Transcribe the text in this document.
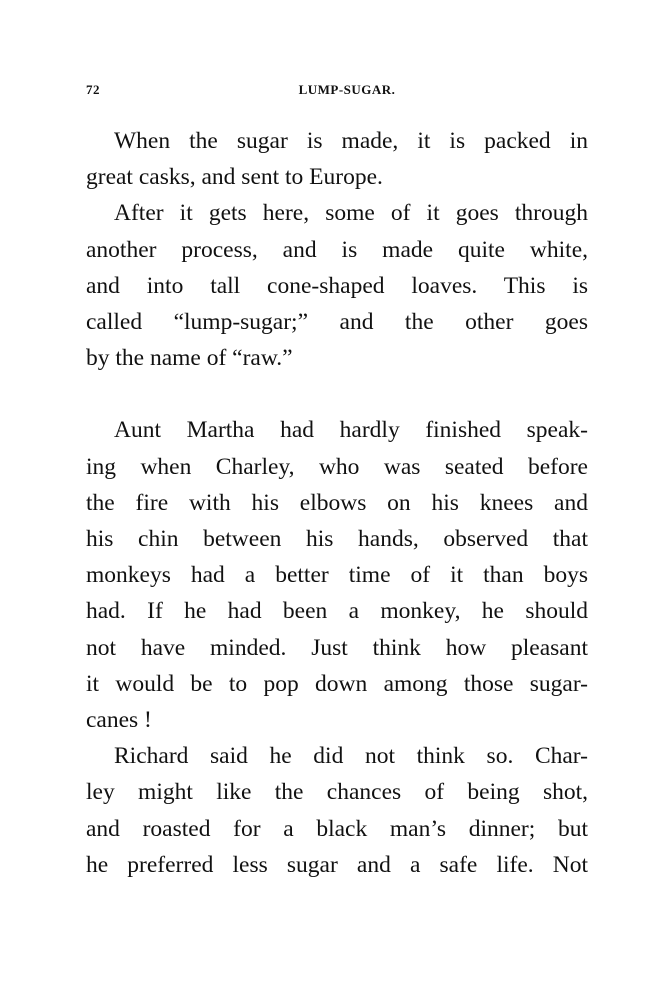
72	LUMP-SUGAR.
When the sugar is made, it is packed in
great casks, and sent to Europe.
After it gets here, some of it goes through
another process, and is made quite white,
and into tall cone-shaped loaves. This is
called “lump-sugar;” and the other goes
by the name of “raw.”
Aunt Martha had hardly finished speak-
ing when Charley, who was seated before
the fire with his elbows on his knees and
his chin between his hands, observed that
monkeys had a better time of it than boys
had. If he had been a monkey, he should
not have minded. Just think how pleasant
it would be to pop down among those sugar-
canes !
Richard said he did not think so. Char-
ley might like the chances of being shot,
and roasted for a black man’s dinner; but
he preferred less sugar and a safe life. Not
